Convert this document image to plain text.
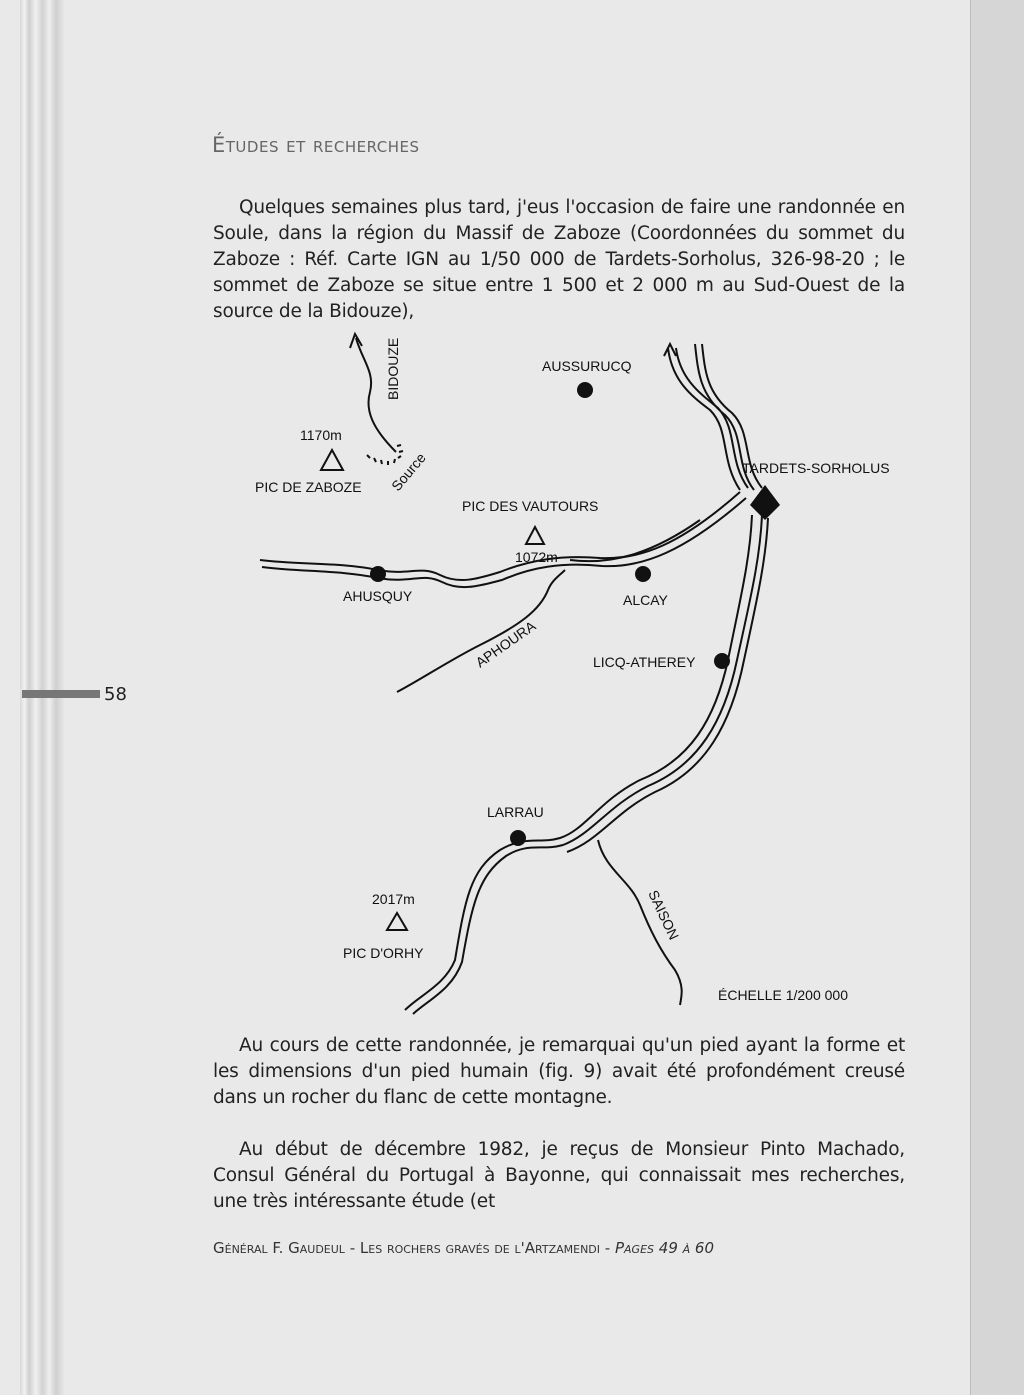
Études et recherches

Quelques semaines plus tard, j'eus l'occasion de faire une randonnée en Soule, dans la région du Massif de Zaboze (Coordonnées du sommet du Zaboze : Réf. Carte IGN au 1/50 000 de Tardets-Sorholus, 326-98-20 ; le sommet de Zaboze se situe entre 1 500 et 2 000 m au Sud-Ouest de la source de la Bidouze),

58
BIDOUZE
Source
1170m
PIC DE ZABOZE
AUSSURUCQ
TARDETS-SORHOLUS
PIC DES VAUTOURS
1072m
AHUSQUY	ALCAY
APHOURA	LICQ-ATHEREY
LARRAU
2017m
PIC D'ORHY
SAISON
ÉCHELLE 1/200 000

Au cours de cette randonnée, je remarquai qu'un pied ayant la forme et les dimensions d'un pied humain (fig. 9) avait été profondément creusé dans un rocher du flanc de cette montagne.

Au début de décembre 1982, je reçus de Monsieur Pinto Machado, Consul Général du Portugal à Bayonne, qui connaissait mes recherches, une très intéressante étude (et

Général F. Gaudeul - Les rochers gravés de l'Artzamendi - Pages 49 à 60
